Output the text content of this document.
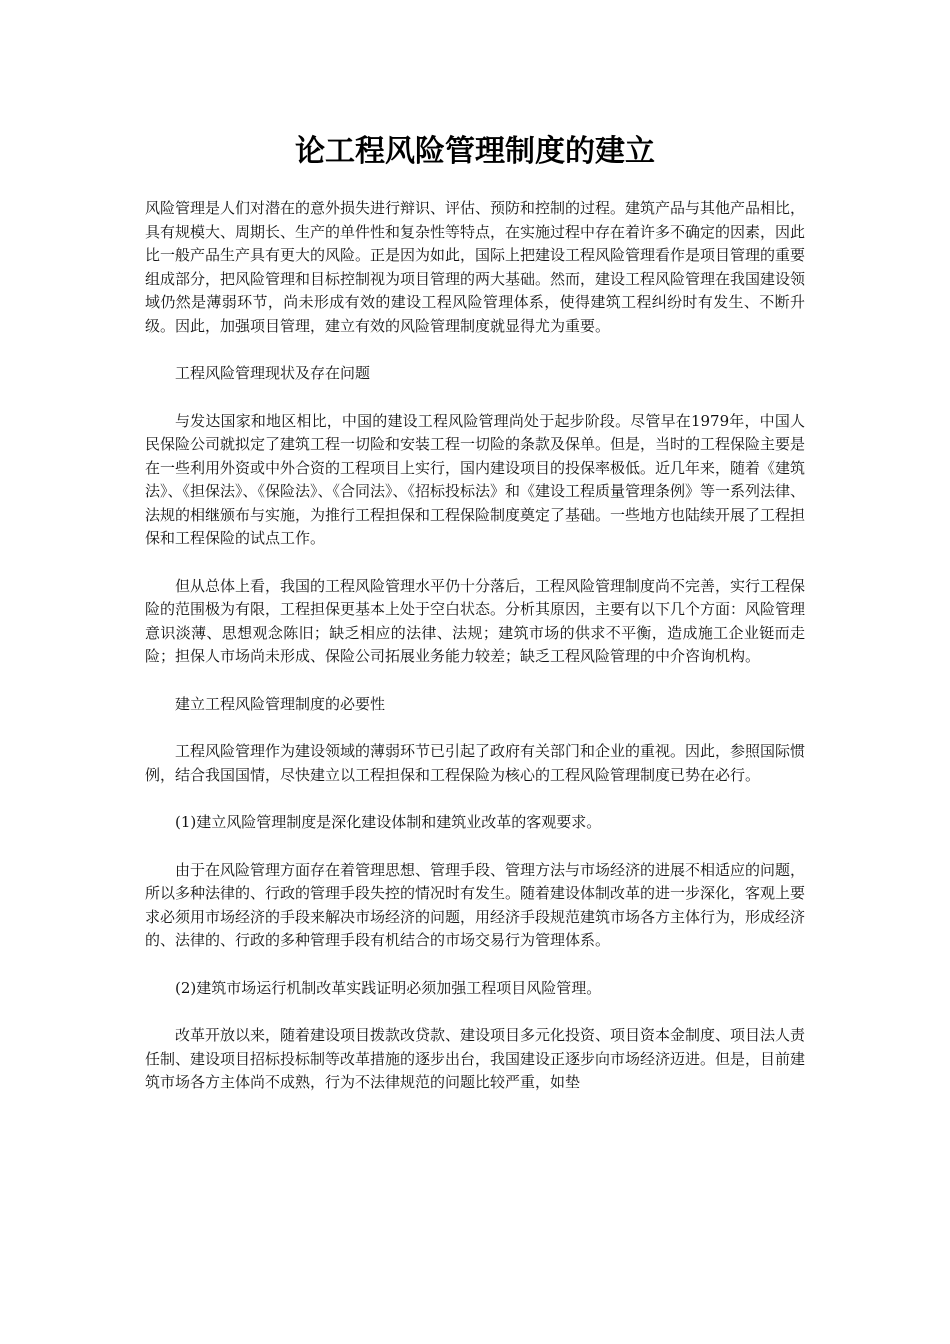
论工程风险管理制度的建立

风险管理是人们对潜在的意外损失进行辩识、评估、预防和控制的过程。建筑产品与其他产品相比，具有规模大、周期长、生产的单件性和复杂性等特点，在实施过程中存在着许多不确定的因素，因此比一般产品生产具有更大的风险。正是因为如此，国际上把建设工程风险管理看作是项目管理的重要组成部分，把风险管理和目标控制视为项目管理的两大基础。然而，建设工程风险管理在我国建设领域仍然是薄弱环节，尚未形成有效的建设工程风险管理体系，使得建筑工程纠纷时有发生、不断升级。因此，加强项目管理，建立有效的风险管理制度就显得尤为重要。

工程风险管理现状及存在问题

与发达国家和地区相比，中国的建设工程风险管理尚处于起步阶段。尽管早在1979年，中国人民保险公司就拟定了建筑工程一切险和安装工程一切险的条款及保单。但是，当时的工程保险主要是在一些利用外资或中外合资的工程项目上实行，国内建设项目的投保率极低。近几年来，随着《建筑法》、《担保法》、《保险法》、《合同法》、《招标投标法》和《建设工程质量管理条例》等一系列法律、法规的相继颁布与实施，为推行工程担保和工程保险制度奠定了基础。一些地方也陆续开展了工程担保和工程保险的试点工作。

但从总体上看，我国的工程风险管理水平仍十分落后，工程风险管理制度尚不完善，实行工程保险的范围极为有限，工程担保更基本上处于空白状态。分析其原因，主要有以下几个方面：风险管理意识淡薄、思想观念陈旧；缺乏相应的法律、法规；建筑市场的供求不平衡，造成施工企业铤而走险；担保人市场尚未形成、保险公司拓展业务能力较差；缺乏工程风险管理的中介咨询机构。

建立工程风险管理制度的必要性

工程风险管理作为建设领域的薄弱环节已引起了政府有关部门和企业的重视。因此，参照国际惯例，结合我国国情，尽快建立以工程担保和工程保险为核心的工程风险管理制度已势在必行。

(1)建立风险管理制度是深化建设体制和建筑业改革的客观要求。

由于在风险管理方面存在着管理思想、管理手段、管理方法与市场经济的进展不相适应的问题，所以多种法律的、行政的管理手段失控的情况时有发生。随着建设体制改革的进一步深化，客观上要求必须用市场经济的手段来解决市场经济的问题，用经济手段规范建筑市场各方主体行为，形成经济的、法律的、行政的多种管理手段有机结合的市场交易行为管理体系。

(2)建筑市场运行机制改革实践证明必须加强工程项目风险管理。

改革开放以来，随着建设项目拨款改贷款、建设项目多元化投资、项目资本金制度、项目法人责任制、建设项目招标投标制等改革措施的逐步出台，我国建设正逐步向市场经济迈进。但是，目前建筑市场各方主体尚不成熟，行为不法律规范的问题比较严重，如垫
